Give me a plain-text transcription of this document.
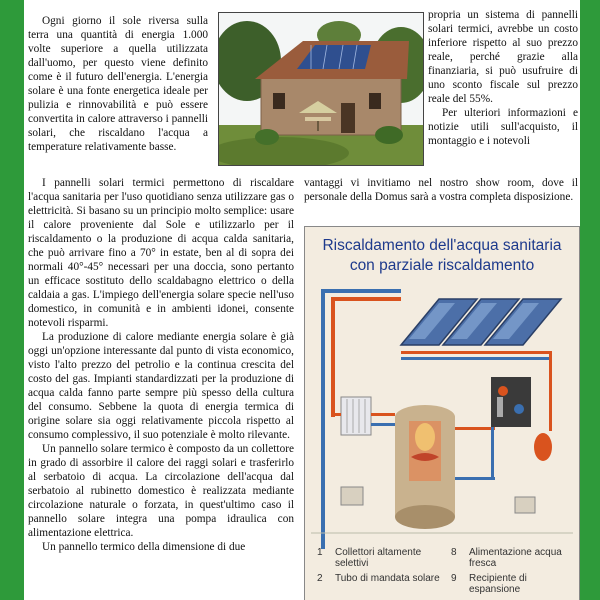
Ogni giorno il sole riversa sulla terra una quantità di energia 1.000 volte superiore a quella utilizzata dall'uomo, per questo viene definito come è il futuro dell'energia. L'energia solare è una fonte energetica ideale per pulizia e rinnovabilità e può essere convertita in calore attraverso i pannelli solari, che riscaldano l'acqua a temperature relativamente basse.

propria un sistema di pannelli solari termici, avrebbe un costo inferiore rispetto al suo prezzo reale, perché grazie alla finanziaria, si può usufruire di uno sconto fiscale sul prezzo reale del 55%.

Per ulteriori informazioni e notizie utili sull'acquisto, il montaggio e i notevoli

I pannelli solari termici permettono di riscaldare l'acqua sanitaria per l'uso quotidiano senza utilizzare gas o elettricità. Si basano su un principio molto semplice: usare il calore proveniente dal Sole e utilizzarlo per il riscaldamento o la produzione di acqua calda sanitaria, che può arrivare fino a 70° in estate, ben al di sopra dei normali 40°-45° necessari per una doccia, sono pertanto un efficace sostituto dello scaldabagno elettrico o della caldaia a gas. L'impiego dell'energia solare specie nell'uso domestico, in comunità e in ambienti idonei, consente notevoli risparmi.

La produzione di calore mediante energia solare è già oggi un'opzione interessante dal punto di vista economico, visto l'alto prezzo del petrolio e la continua crescita del costo del gas. Impianti standardizzati per la produzione di acqua calda fanno parte sempre più spesso della cultura del consumo. Sebbene la quota di energia termica di origine solare sia oggi relativamente piccola rispetto al consumo complessivo, il suo potenziale è molto rilevante.

Un pannello solare termico è composto da un collettore in grado di assorbire il calore dei raggi solari e trasferirlo al serbatoio di acqua. La circolazione dell'acqua dal serbatoio al rubinetto domestico è realizzata mediante circolazione naturale o forzata, in quest'ultimo caso il pannello solare integra una pompa idraulica con alimentazione elettrica.

Un pannello termico della dimensione di due

vantaggi vi invitiamo nel nostro show room, dove il personale della Domus sarà a vostra completa disposizione.

Riscaldamento dell'acqua sanitaria
con parziale riscaldamento
1	Collettori altamente selettivi
2	Tubo di mandata solare
8	Alimentazione acqua fresca
9	Recipiente di espansione
